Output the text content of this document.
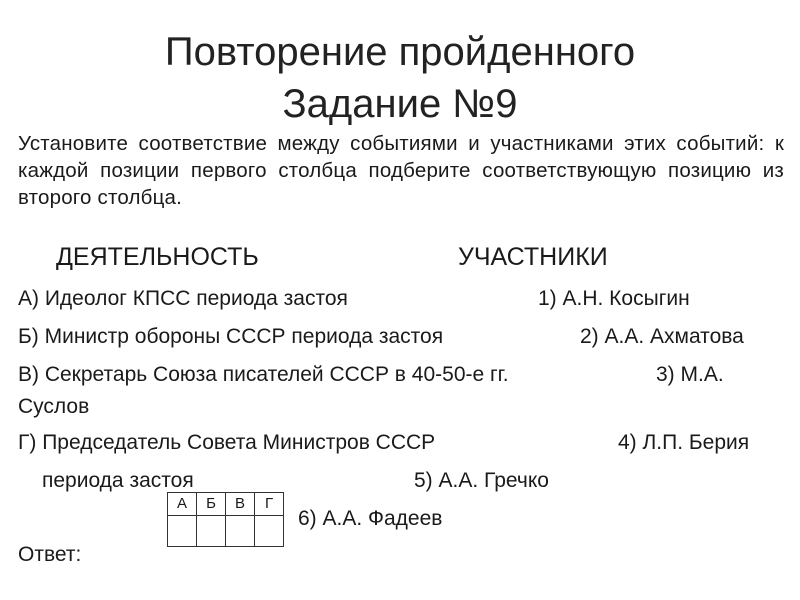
Повторение пройденного
Задание №9
Установите соответствие между событиями и участниками этих событий: к каждой позиции первого столбца подберите соответствующую позицию из второго столбца.
ДЕЯТЕЛЬНОСТЬ	УЧАСТНИКИ
А) Идеолог КПСС периода застоя	1) А.Н. Косыгин
Б) Министр обороны СССР периода застоя	2) А.А. Ахматова
В) Секретарь Союза писателей СССР в 40-50-е гг.	3) М.А.
Суслов
Г) Председатель Совета Министров СССР	4) Л.П. Берия
периода застоя	5) А.А. Гречко
6) А.А. Фадеев
Ответ:
А	Б	В	Г
